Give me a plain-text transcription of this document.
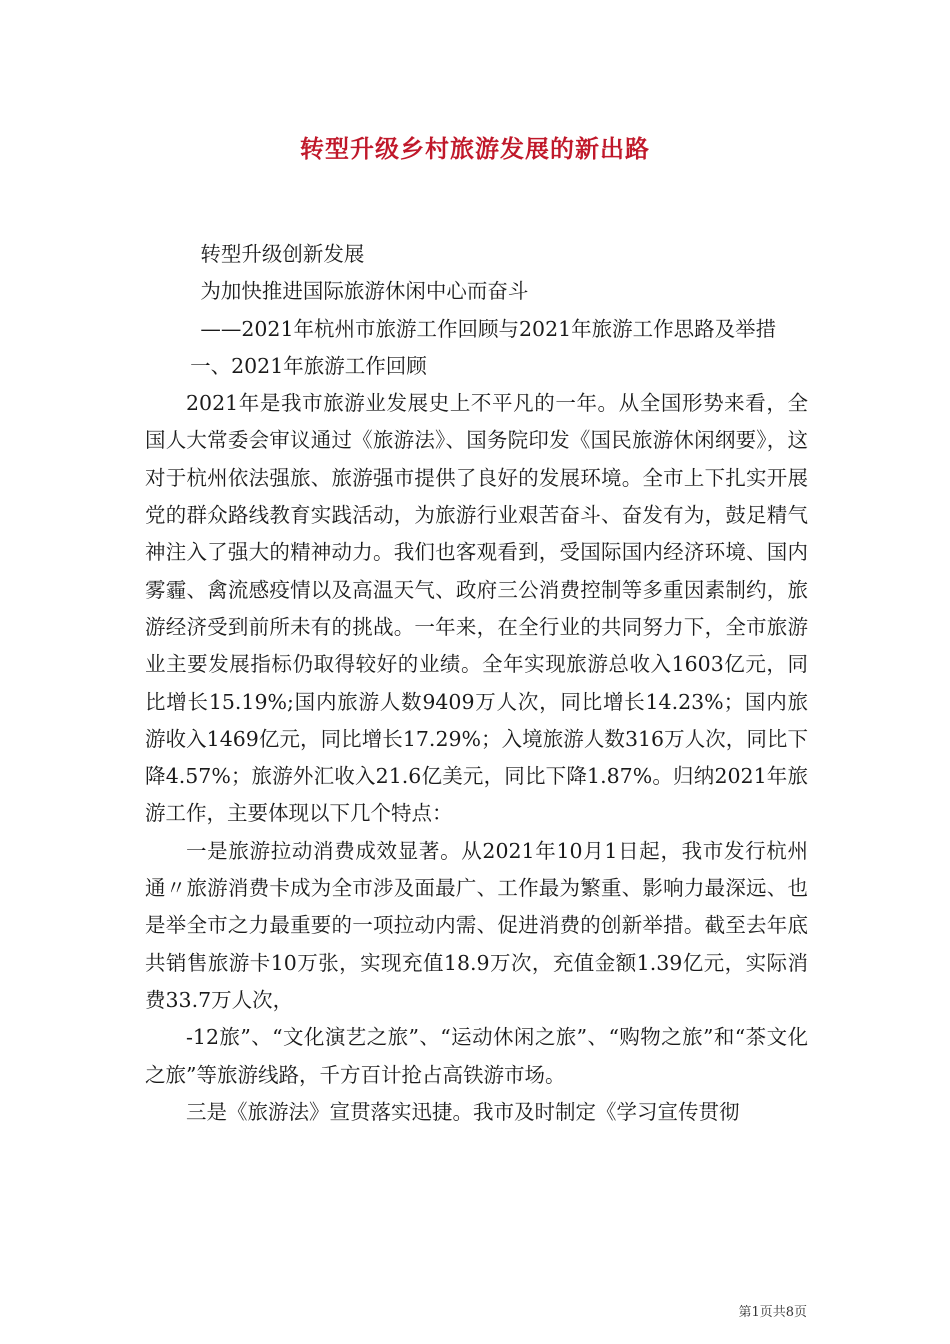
转型升级乡村旅游发展的新出路

转型升级创新发展

为加快推进国际旅游休闲中心而奋斗

——2021年杭州市旅游工作回顾与2021年旅游工作思路及举措

一、2021年旅游工作回顾

2021年是我市旅游业发展史上不平凡的一年。从全国形势来看，全国人大常委会审议通过《旅游法》、国务院印发《国民旅游休闲纲要》，这对于杭州依法强旅、旅游强市提供了良好的发展环境。全市上下扎实开展党的群众路线教育实践活动，为旅游行业艰苦奋斗、奋发有为，鼓足精气神注入了强大的精神动力。我们也客观看到，受国际国内经济环境、国内雾霾、禽流感疫情以及高温天气、政府三公消费控制等多重因素制约，旅游经济受到前所未有的挑战。一年来，在全行业的共同努力下，全市旅游业主要发展指标仍取得较好的业绩。全年实现旅游总收入1603亿元，同比增长15.19%;国内旅游人数9409万人次，同比增长14.23%；国内旅游收入1469亿元，同比增长17.29%；入境旅游人数316万人次，同比下降4.57%；旅游外汇收入21.6亿美元，同比下降1.87%。归纳2021年旅游工作，主要体现以下几个特点：

一是旅游拉动消费成效显著。从2021年10月1日起，我市发行杭州通〃旅游消费卡成为全市涉及面最广、工作最为繁重、影响力最深远、也是举全市之力最重要的一项拉动内需、促进消费的创新举措。截至去年底共销售旅游卡10万张，实现充值18.9万次，充值金额1.39亿元，实际消费33.7万人次，

-12旅”、“文化演艺之旅”、“运动休闲之旅”、“购物之旅”和“茶文化之旅”等旅游线路，千方百计抢占高铁游市场。

三是《旅游法》宣贯落实迅捷。我市及时制定《学习宣传贯彻

第1页共8页
